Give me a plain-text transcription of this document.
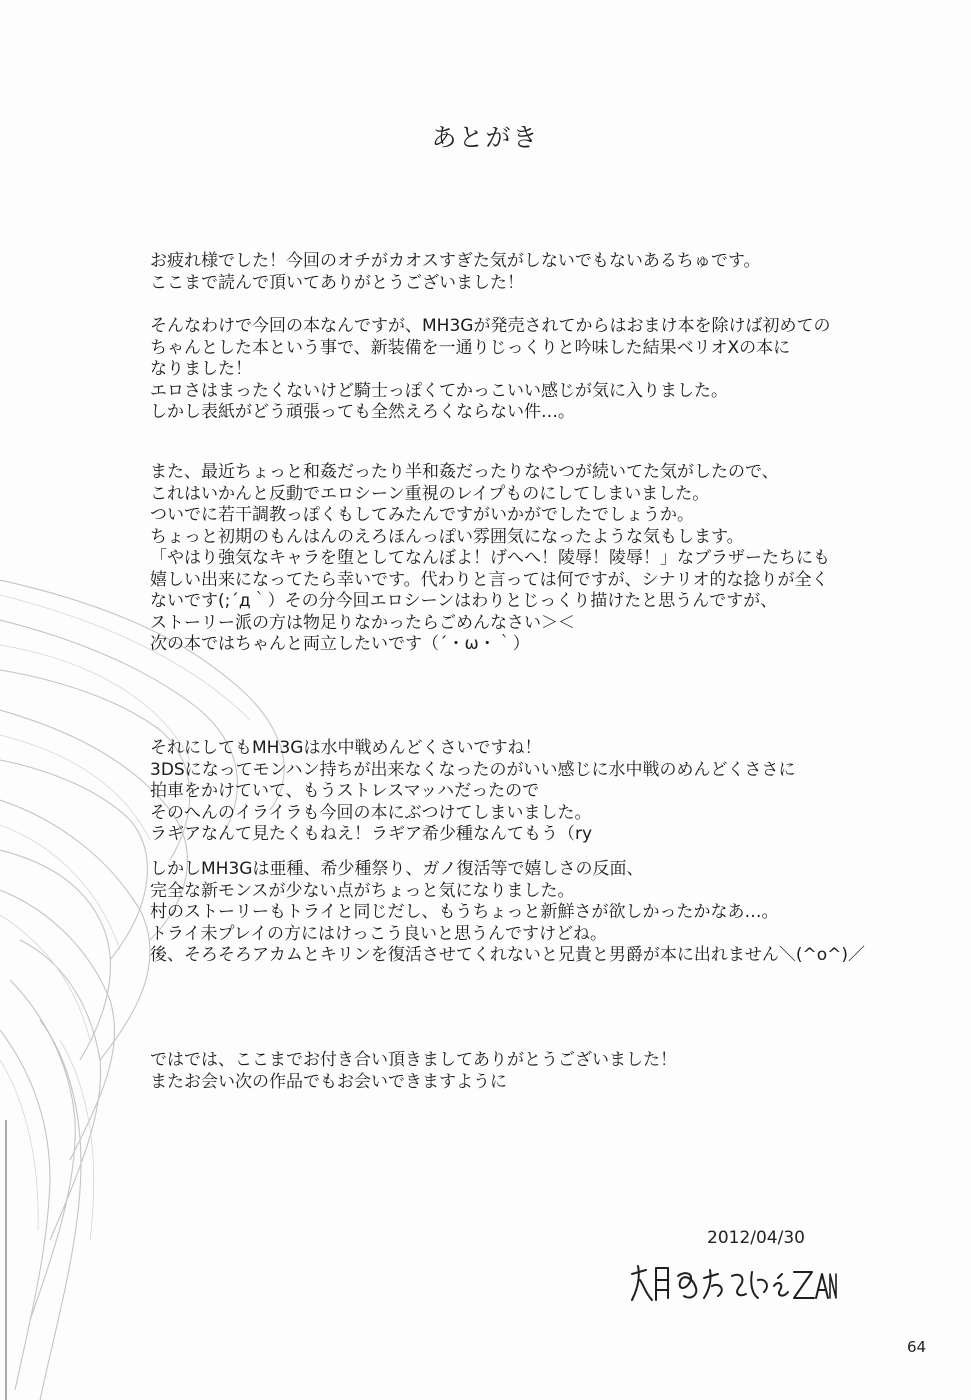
あとがき
お疲れ様でした！今回のオチがカオスすぎた気がしないでもないあるちゅです。
ここまで読んで頂いてありがとうございました！
そんなわけで今回の本なんですが、MH3Gが発売されてからはおまけ本を除けば初めての
ちゃんとした本という事で、新装備を一通りじっくりと吟味した結果ベリオXの本に
なりました！
エロさはまったくないけど騎士っぽくてかっこいい感じが気に入りました。
しかし表紙がどう頑張っても全然えろくならない件…。
また、最近ちょっと和姦だったり半和姦だったりなやつが続いてた気がしたので、
これはいかんと反動でエロシーン重視のレイプものにしてしまいました。
ついでに若干調教っぽくもしてみたんですがいかがでしたでしょうか。
ちょっと初期のもんはんのえろほんっぽい雰囲気になったような気もします。
「やはり強気なキャラを堕としてなんぼよ！げへへ！陵辱！陵辱！」なブラザーたちにも
嬉しい出来になってたら幸いです。代わりと言っては何ですが、シナリオ的な捻りが全く
ないです(;´д｀）その分今回エロシーンはわりとじっくり描けたと思うんですが、
ストーリー派の方は物足りなかったらごめんなさい＞＜
次の本ではちゃんと両立したいです（´・ω・｀）
それにしてもMH3Gは水中戦めんどくさいですね！
3DSになってモンハン持ちが出来なくなったのがいい感じに水中戦のめんどくささに
拍車をかけていて、もうストレスマッハだったので
そのへんのイライラも今回の本にぶつけてしまいました。
ラギアなんて見たくもねえ！ラギア希少種なんてもう（ry
しかしMH3Gは亜種、希少種祭り、ガノ復活等で嬉しさの反面、
完全な新モンスが少ない点がちょっと気になりました。
村のストーリーもトライと同じだし、もうちょっと新鮮さが欲しかったかなあ…。
トライ未プレイの方にはけっこう良いと思うんですけどね。
後、そろそろアカムとキリンを復活させてくれないと兄貴と男爵が本に出れません＼(^o^)／
ではでは、ここまでお付き合い頂きましてありがとうございました！
またお会い次の作品でもお会いできますように
2012/04/30
64
